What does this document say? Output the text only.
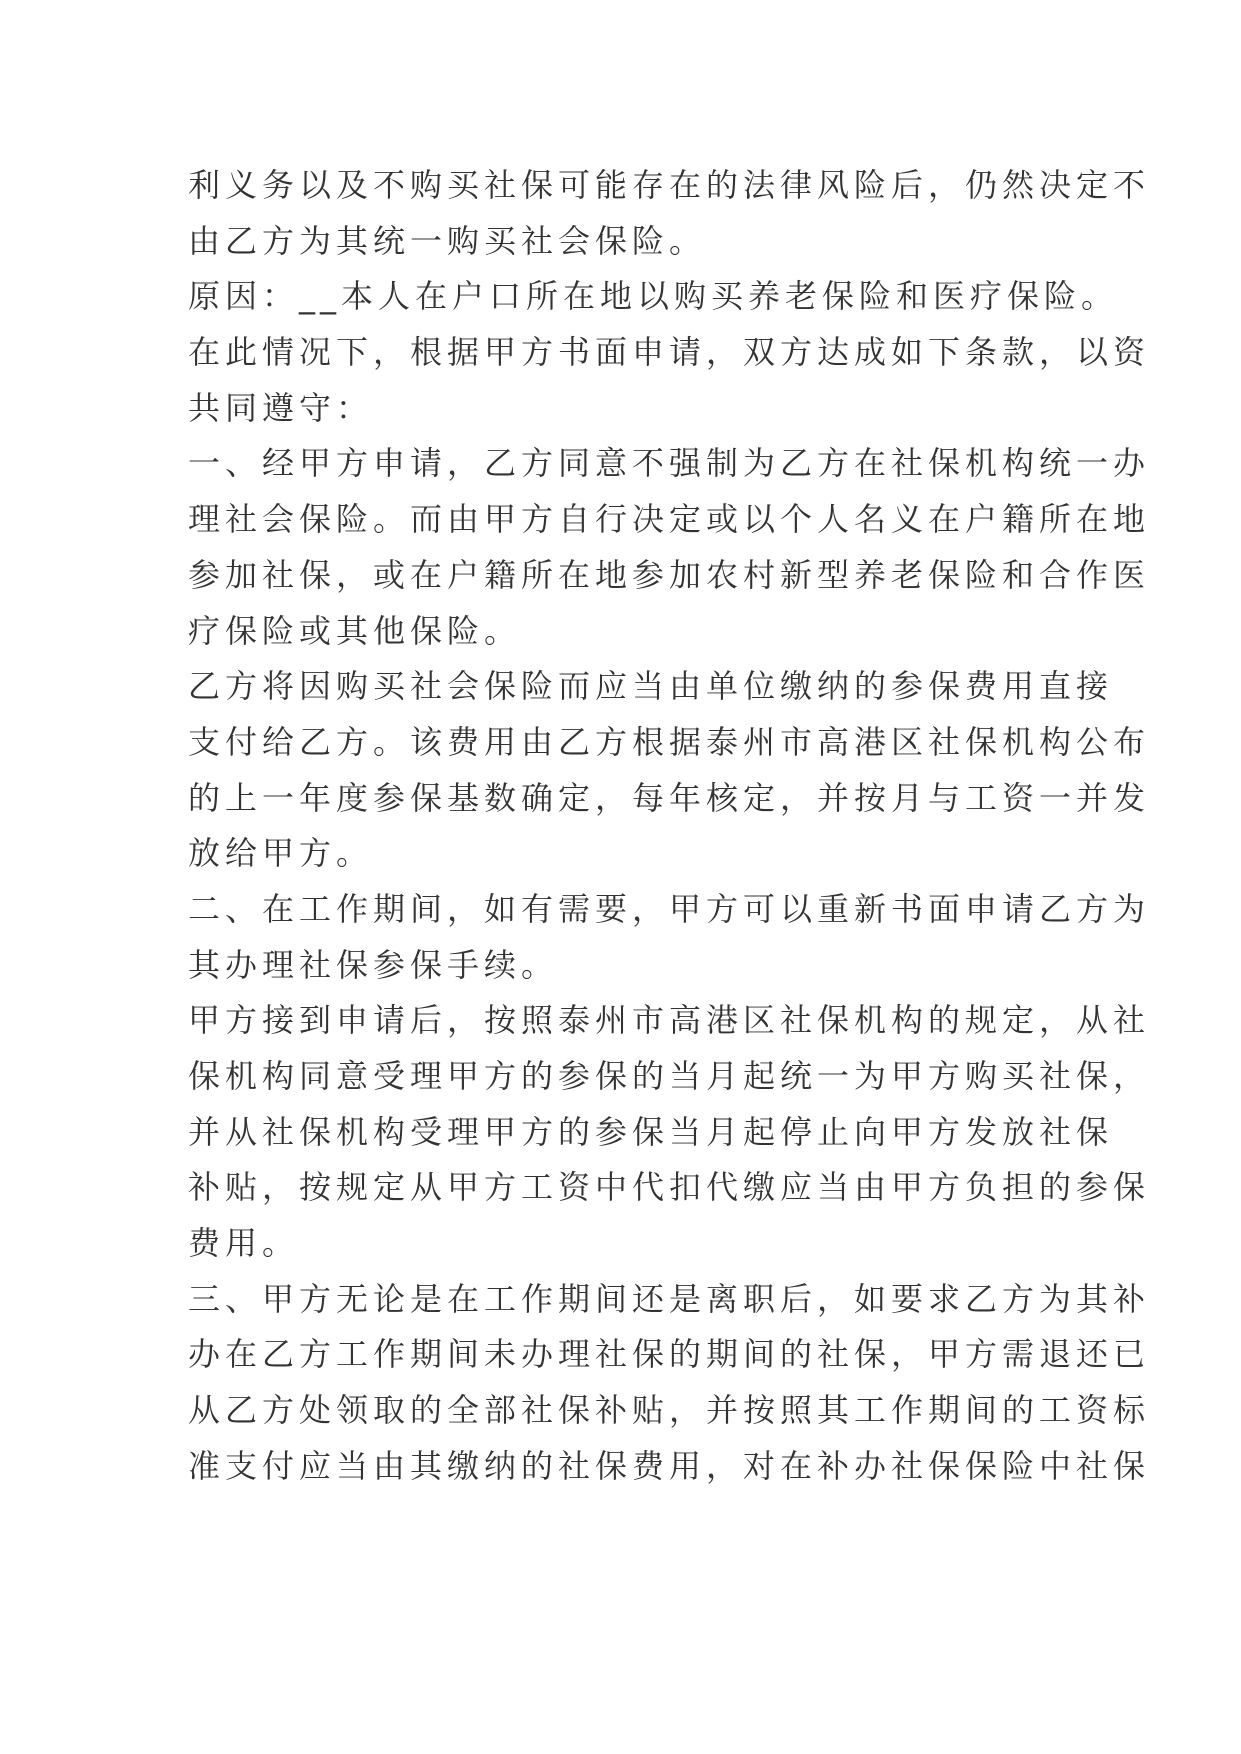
利义务以及不购买社保可能存在的法律风险后，仍然决定不
由乙方为其统一购买社会保险。
原因：__本人在户口所在地以购买养老保险和医疗保险。
在此情况下，根据甲方书面申请，双方达成如下条款，以资
共同遵守：
一、经甲方申请，乙方同意不强制为乙方在社保机构统一办
理社会保险。而由甲方自行决定或以个人名义在户籍所在地
参加社保，或在户籍所在地参加农村新型养老保险和合作医
疗保险或其他保险。
乙方将因购买社会保险而应当由单位缴纳的参保费用直接
支付给乙方。该费用由乙方根据泰州市高港区社保机构公布
的上一年度参保基数确定，每年核定，并按月与工资一并发
放给甲方。
二、在工作期间，如有需要，甲方可以重新书面申请乙方为
其办理社保参保手续。
甲方接到申请后，按照泰州市高港区社保机构的规定，从社
保机构同意受理甲方的参保的当月起统一为甲方购买社保，
并从社保机构受理甲方的参保当月起停止向甲方发放社保
补贴，按规定从甲方工资中代扣代缴应当由甲方负担的参保
费用。
三、甲方无论是在工作期间还是离职后，如要求乙方为其补
办在乙方工作期间未办理社保的期间的社保，甲方需退还已
从乙方处领取的全部社保补贴，并按照其工作期间的工资标
准支付应当由其缴纳的社保费用，对在补办社保保险中社保
